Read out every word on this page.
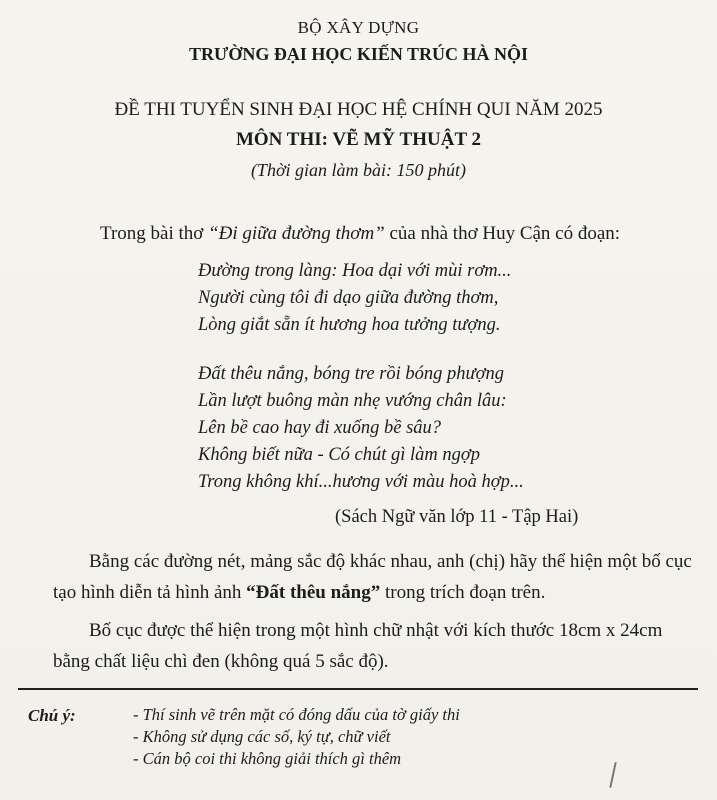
BỘ XÂY DỰNG
TRƯỜNG ĐẠI HỌC KIẾN TRÚC HÀ NỘI
ĐỀ THI TUYỂN SINH ĐẠI HỌC HỆ CHÍNH QUI NĂM 2025
MÔN THI: VẼ MỸ THUẬT 2
(Thời gian làm bài: 150 phút)
Trong bài thơ “Đi giữa đường thơm” của nhà thơ Huy Cận có đoạn:
Đường trong làng: Hoa dại với mùi rơm...
Người cùng tôi đi dạo giữa đường thơm,
Lòng giắt sẵn ít hương hoa tưởng tượng.
Đất thêu nắng, bóng tre rồi bóng phượng
Lần lượt buông màn nhẹ vướng chân lâu:
Lên bề cao hay đi xuống bề sâu?
Không biết nữa - Có chút gì làm ngợp
Trong không khí...hương với màu hoà hợp...
(Sách Ngữ văn lớp 11 - Tập Hai)
Bằng các đường nét, mảng sắc độ khác nhau, anh (chị) hãy thể hiện một bố cục tạo hình diễn tả hình ảnh “Đất thêu nắng” trong trích đoạn trên.
Bố cục được thể hiện trong một hình chữ nhật với kích thước 18cm x 24cm bằng chất liệu chì đen (không quá 5 sắc độ).
Chú ý:	- Thí sinh vẽ trên mặt có đóng dấu của tờ giấy thi
- Không sử dụng các số, ký tự, chữ viết
- Cán bộ coi thi không giải thích gì thêm
